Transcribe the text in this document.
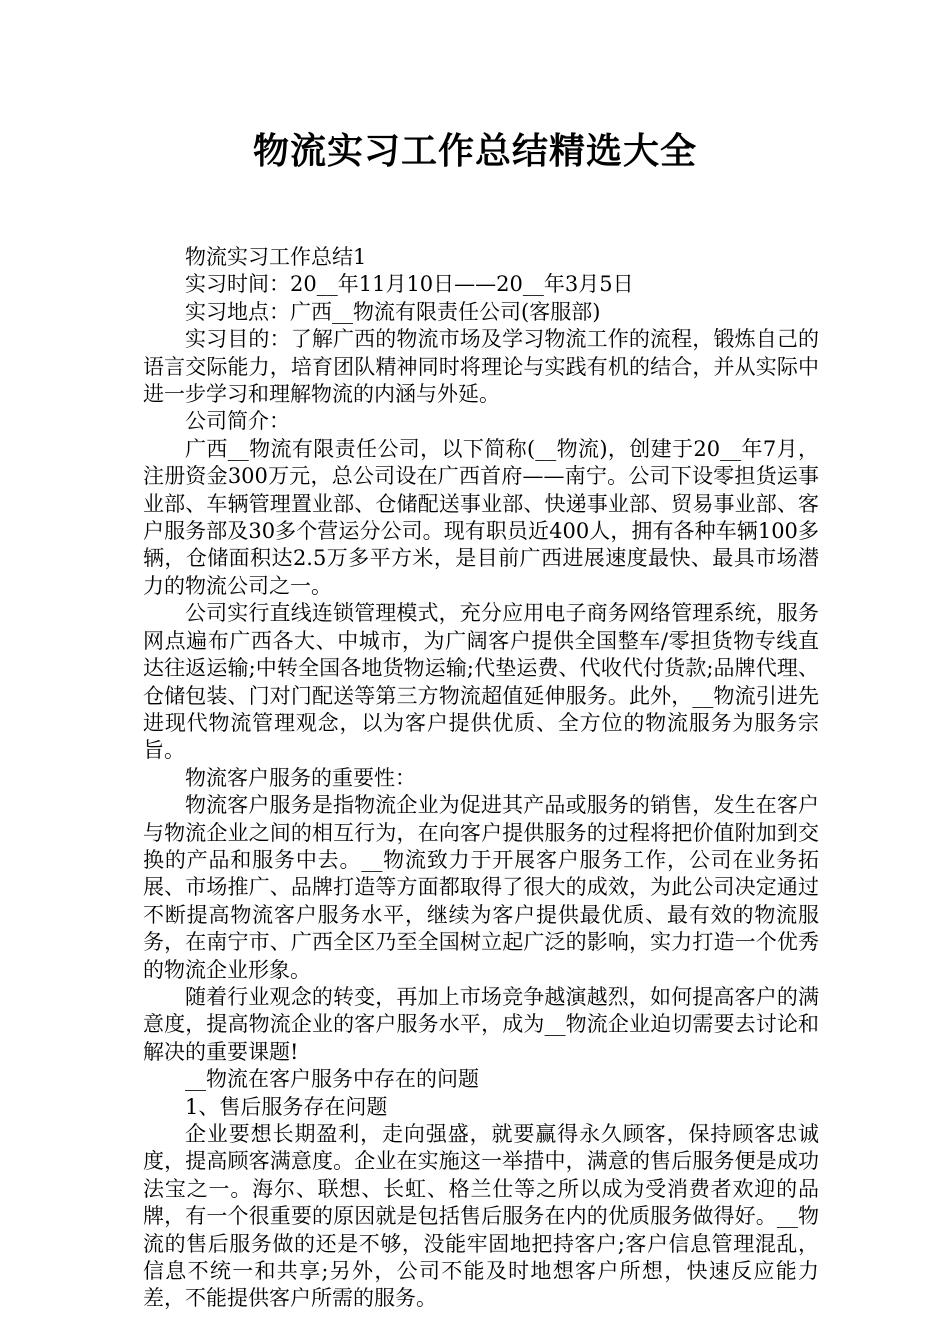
物流实习工作总结精选大全

物流实习工作总结1

实习时间：20__年11月10日——20__年3月5日

实习地点：广西__物流有限责任公司(客服部)

实习目的：了解广西的物流市场及学习物流工作的流程，锻炼自己的语言交际能力，培育团队精神同时将理论与实践有机的结合，并从实际中进一步学习和理解物流的内涵与外延。

公司简介：

广西__物流有限责任公司，以下简称(__物流)，创建于20__年7月，注册资金300万元，总公司设在广西首府——南宁。公司下设零担货运事业部、车辆管理置业部、仓储配送事业部、快递事业部、贸易事业部、客户服务部及30多个营运分公司。现有职员近400人，拥有各种车辆100多辆，仓储面积达2.5万多平方米，是目前广西进展速度最快、最具市场潜力的物流公司之一。

公司实行直线连锁管理模式，充分应用电子商务网络管理系统，服务网点遍布广西各大、中城市，为广阔客户提供全国整车/零担货物专线直达往返运输;中转全国各地货物运输;代垫运费、代收代付货款;品牌代理、仓储包装、门对门配送等第三方物流超值延伸服务。此外，__物流引进先进现代物流管理观念，以为客户提供优质、全方位的物流服务为服务宗旨。

物流客户服务的重要性：

物流客户服务是指物流企业为促进其产品或服务的销售，发生在客户与物流企业之间的相互行为，在向客户提供服务的过程将把价值附加到交换的产品和服务中去。__物流致力于开展客户服务工作，公司在业务拓展、市场推广、品牌打造等方面都取得了很大的成效，为此公司决定通过不断提高物流客户服务水平，继续为客户提供最优质、最有效的物流服务，在南宁市、广西全区乃至全国树立起广泛的影响，实力打造一个优秀的物流企业形象。

随着行业观念的转变，再加上市场竞争越演越烈，如何提高客户的满意度，提高物流企业的客户服务水平，成为__物流企业迫切需要去讨论和解决的重要课题!

__物流在客户服务中存在的问题

1、售后服务存在问题

企业要想长期盈利，走向强盛，就要赢得永久顾客，保持顾客忠诚度，提高顾客满意度。企业在实施这一举措中，满意的售后服务便是成功法宝之一。海尔、联想、长虹、格兰仕等之所以成为受消费者欢迎的品牌，有一个很重要的原因就是包括售后服务在内的优质服务做得好。__物流的售后服务做的还是不够，没能牢固地把持客户;客户信息管理混乱，信息不统一和共享;另外，公司不能及时地想客户所想，快速反应能力差，不能提供客户所需的服务。
